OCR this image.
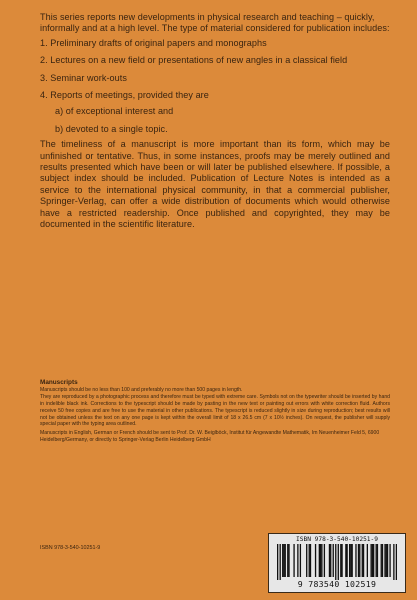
This series reports new developments in physical research and teaching – quickly, informally and at a high level. The type of material considered for publication includes:

1. Preliminary drafts of original papers and monographs
2. Lectures on a new field or presentations of new angles in a classical field
3. Seminar work-outs
4. Reports of meetings, provided they are
a) of exceptional interest and
b) devoted to a single topic.

The timeliness of a manuscript is more important than its form, which may be unfinished or tentative. Thus, in some instances, proofs may be merely outlined and results presented which have been or will later be published elsewhere. If possible, a subject index should be included. Publication of Lecture Notes is intended as a service to the international physical community, in that a commercial publisher, Springer-Verlag, can offer a wide distribution of documents which would otherwise have a restricted readership. Once published and copyrighted, they may be documented in the scientific literature.

Manuscripts

Manuscripts should be no less than 100 and preferably no more than 500 pages in length.

They are reproduced by a photographic process and therefore must be typed with extreme care. Symbols not on the typewriter should be inserted by hand in indelible black ink. Corrections to the typescript should be made by pasting in the new text or painting out errors with white correction fluid. Authors receive 50 free copies and are free to use the material in other publications. The typescript is reduced slightly in size during reproduction; best results will not be obtained unless the text on any one page is kept within the overall limit of 18 x 26.5 cm (7 x 10½ inches). On request, the publisher will supply special paper with the typing area outlined.

Manuscripts in English, German or French should be sent to Prof. Dr. W. Beiglböck, Institut für Angewandte Mathematik, Im Neuenheimer Feld 5, 6900 Heidelberg/Germany, or directly to Springer-Verlag Berlin Heidelberg GmbH

ISBN 978-3-540-10251-9
ISBN 978-3-540-10251-9
9 783540 102519
